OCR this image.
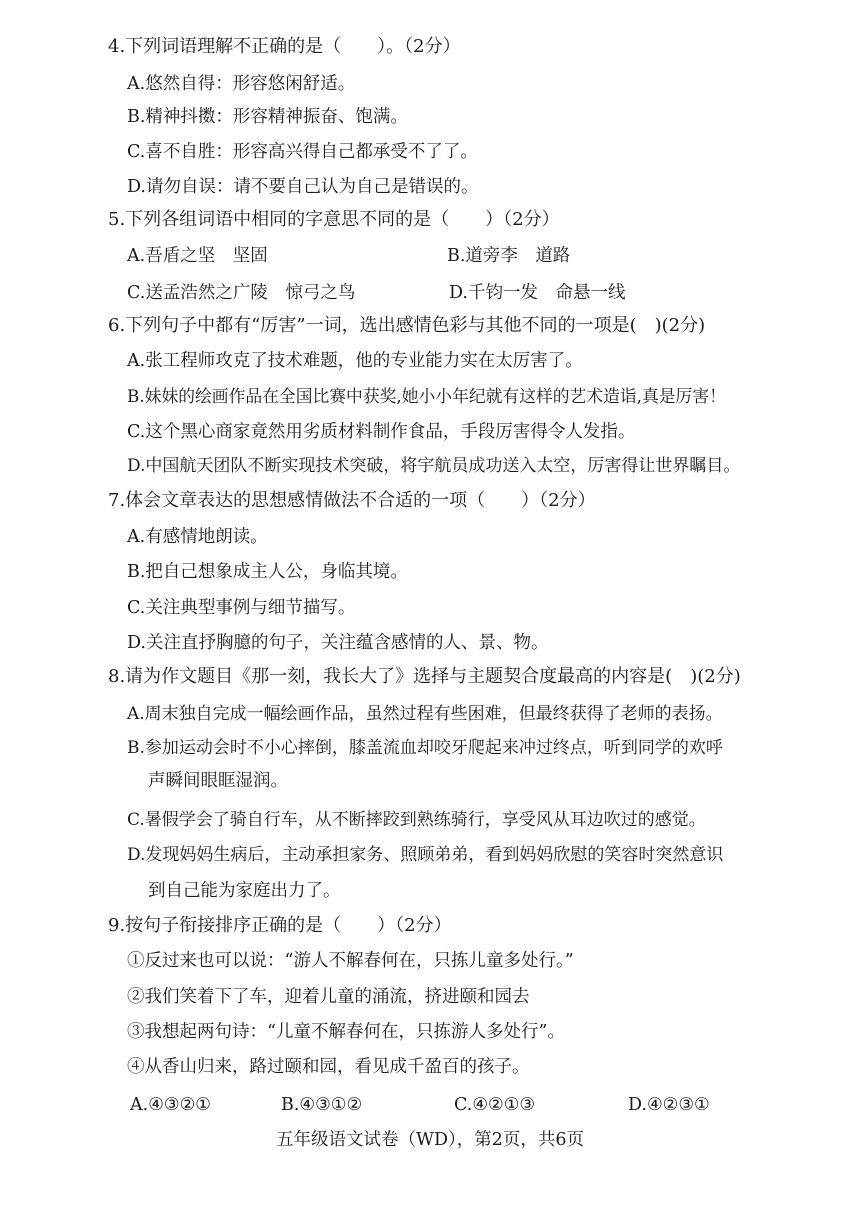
4.下列词语理解不正确的是（　　）。（2分）
A.悠然自得：形容悠闲舒适。
B.精神抖擞：形容精神振奋、饱满。
C.喜不自胜：形容高兴得自己都承受不了了。
D.请勿自误：请不要自己认为自己是错误的。
5.下列各组词语中相同的字意思不同的是（　　）（2分）
A.吾盾之坚　坚固	B.道旁李　道路
C.送孟浩然之广陵　惊弓之鸟	D.千钧一发　命悬一线
6.下列句子中都有“厉害”一词，选出感情色彩与其他不同的一项是(　)(2分)
A.张工程师攻克了技术难题，他的专业能力实在太厉害了。
B.妹妹的绘画作品在全国比赛中获奖,她小小年纪就有这样的艺术造诣,真是厉害！
C.这个黑心商家竟然用劣质材料制作食品，手段厉害得令人发指。
D.中国航天团队不断实现技术突破，将宇航员成功送入太空，厉害得让世界瞩目。
7.体会文章表达的思想感情做法不合适的一项（　　）（2分）
A.有感情地朗读。
B.把自己想象成主人公，身临其境。
C.关注典型事例与细节描写。
D.关注直抒胸臆的句子，关注蕴含感情的人、景、物。
8.请为作文题目《那一刻，我长大了》选择与主题契合度最高的内容是(　)(2分)
A.周末独自完成一幅绘画作品，虽然过程有些困难，但最终获得了老师的表扬。
B.参加运动会时不小心摔倒，膝盖流血却咬牙爬起来冲过终点，听到同学的欢呼
声瞬间眼眶湿润。
C.暑假学会了骑自行车，从不断摔跤到熟练骑行，享受风从耳边吹过的感觉。
D.发现妈妈生病后，主动承担家务、照顾弟弟，看到妈妈欣慰的笑容时突然意识
到自己能为家庭出力了。
9.按句子衔接排序正确的是（　　）（2分）
①反过来也可以说：“游人不解春何在，只拣儿童多处行。”
②我们笑着下了车，迎着儿童的涌流，挤进颐和园去
③我想起两句诗：“儿童不解春何在，只拣游人多处行”。
④从香山归来，路过颐和园，看见成千盈百的孩子。
A.④③②①	B.④③①②	C.④②①③	D.④②③①
五年级语文试卷（WD），第2页，共6页
